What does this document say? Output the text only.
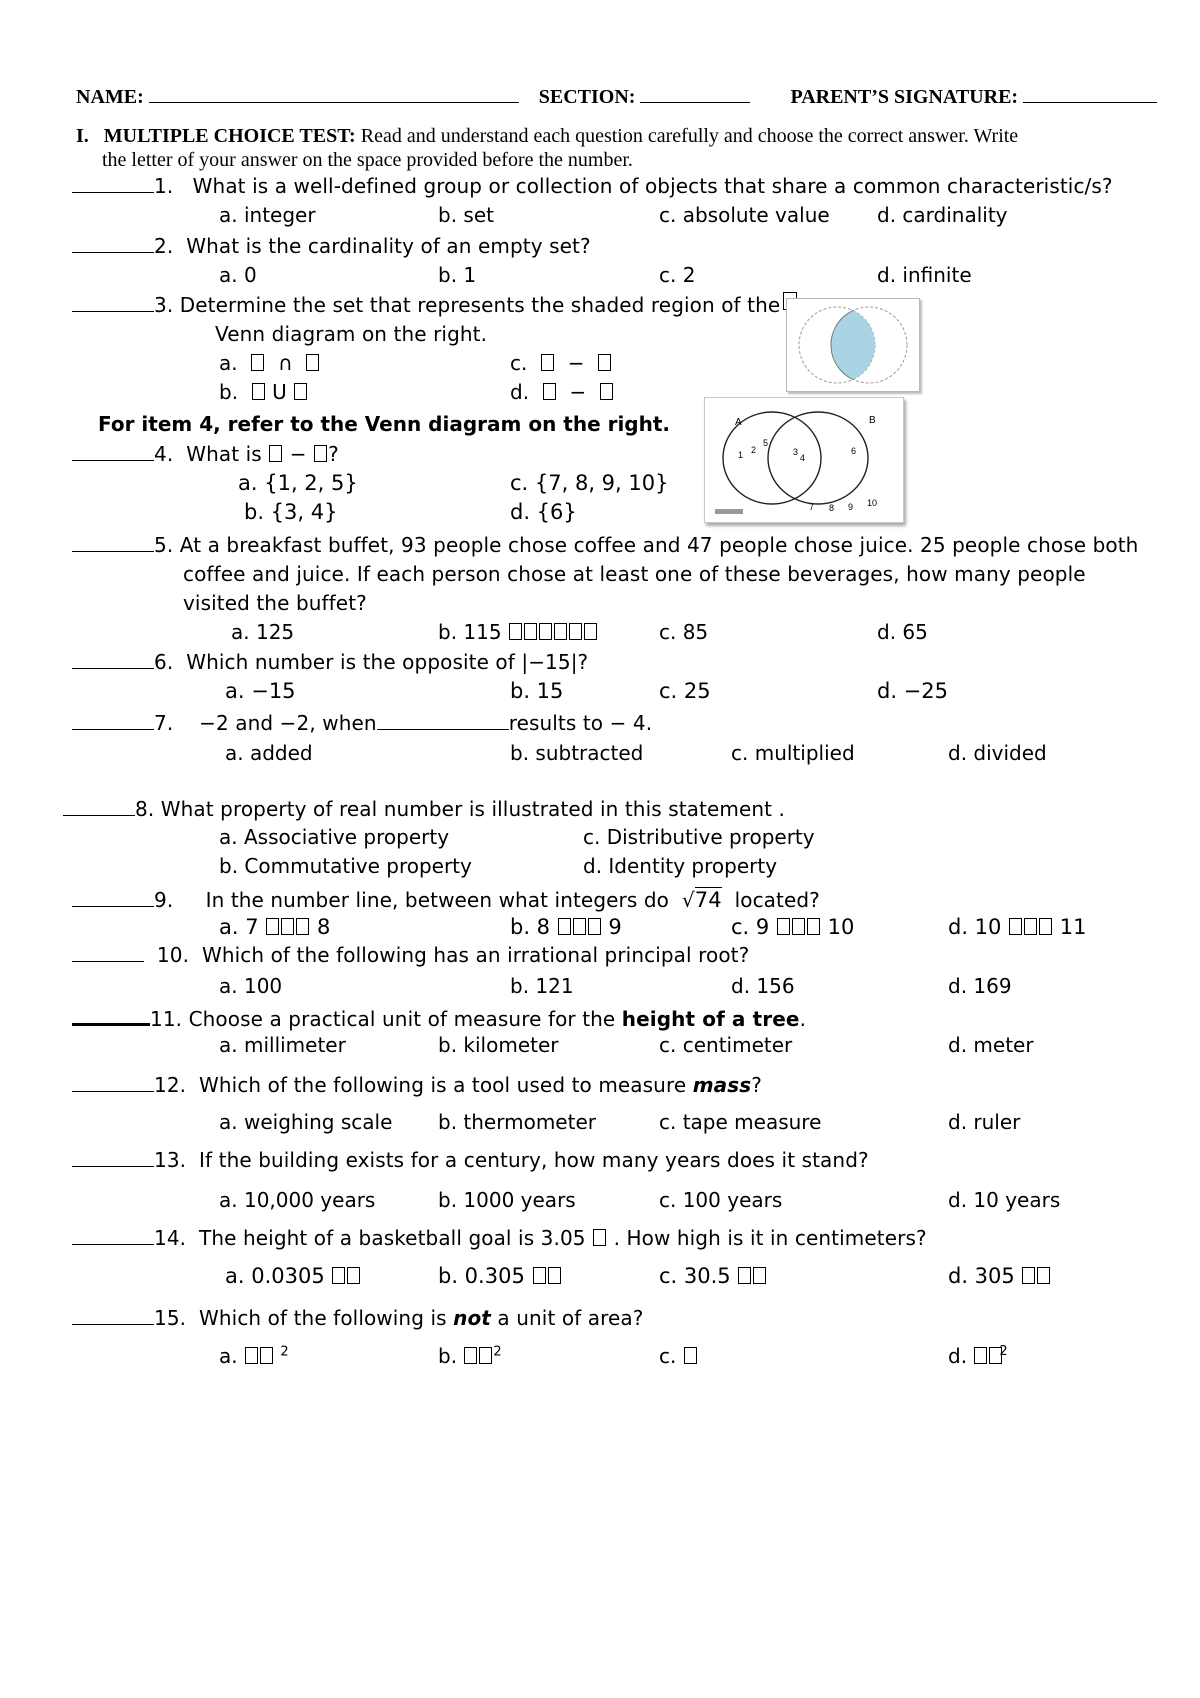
NAME:	SECTION:	PARENT’S SIGNATURE:
I. MULTIPLE CHOICE TEST: Read and understand each question carefully and choose the correct answer. Write
the letter of your answer on the space provided before the number.
1. What is a well-defined group or collection of objects that share a common characteristic/s?
a. integer	b. set	c. absolute value d. cardinality
2. What is the cardinality of an empty set?
a. 0	b. 1	c. 2	d. infinite
3. Determine the set that represents the shaded region of the
Venn diagram on the right.
a. ∩
b. U
c. −
d. −
For item 4, refer to the Venn diagram on the right.
4. What is − ?
a. {1, 2, 5}
b. {3, 4}
c. {7, 8, 9, 10}
d. {6}
A	B
1 2
5
3
4
6
7 8 9 10
5. At a breakfast buffet, 93 people chose coffee and 47 people chose juice. 25 people chose both
coffee and juice. If each person chose at least one of these beverages, how many people
visited the buffet?
a. 125	b. 115	c. 85	d. 65
6. Which number is the opposite of |−15|?
a. −15	b. 15	c. 25	d. −25
7. −2 and −2, when	results to − 4.
a. added	b. subtracted	c. multiplied	d. divided
8. What property of real number is illustrated in this statement .
a. Associative property
b. Commutative property
c. Distributive property
d. Identity property
9. In the number line, between what integers do √74 located?
a. 7	8	b. 8	9	c. 9	10	d. 10	11
10. Which of the following has an irrational principal root?
a. 100	b. 121	d. 156	d. 169
11. Choose a practical unit of measure for the height of a tree.
a. millimeter	b. kilometer	c. centimeter	d. meter
12. Which of the following is a tool used to measure mass?
a. weighing scale b. thermometer	c. tape measure	d. ruler
13. If the building exists for a century, how many years does it stand?
a. 10,000 years	b. 1000 years	c. 100 years	d. 10 years
14. The height of a basketball goal is 3.05 . How high is it in centimeters?
a. 0.0305	b. 0.305	c. 30.5	d. 305
15. Which of the following is not a unit of area?
a.	$^2$	b.	$^2$	c.	d. $^2$
